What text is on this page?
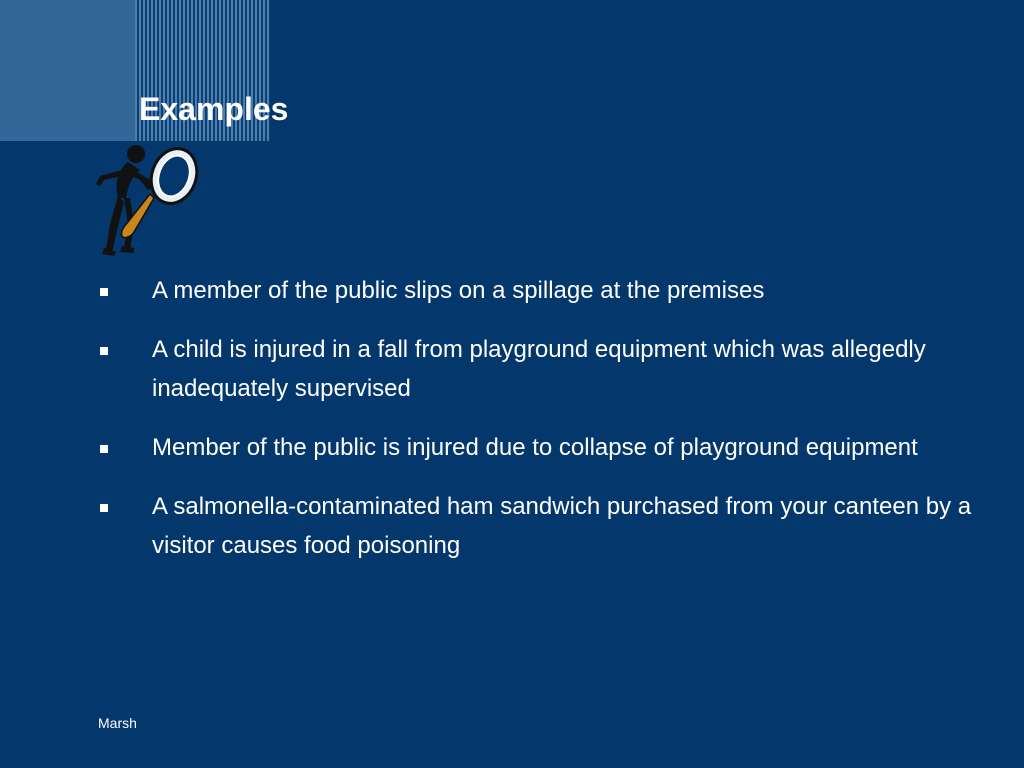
Examples
A member of the public slips on a spillage at the premises
A child is injured in a fall from playground equipment which was allegedly inadequately supervised
Member of the public is injured due to collapse of playground equipment
A salmonella-contaminated ham sandwich purchased from your canteen by a visitor causes food poisoning
Marsh
